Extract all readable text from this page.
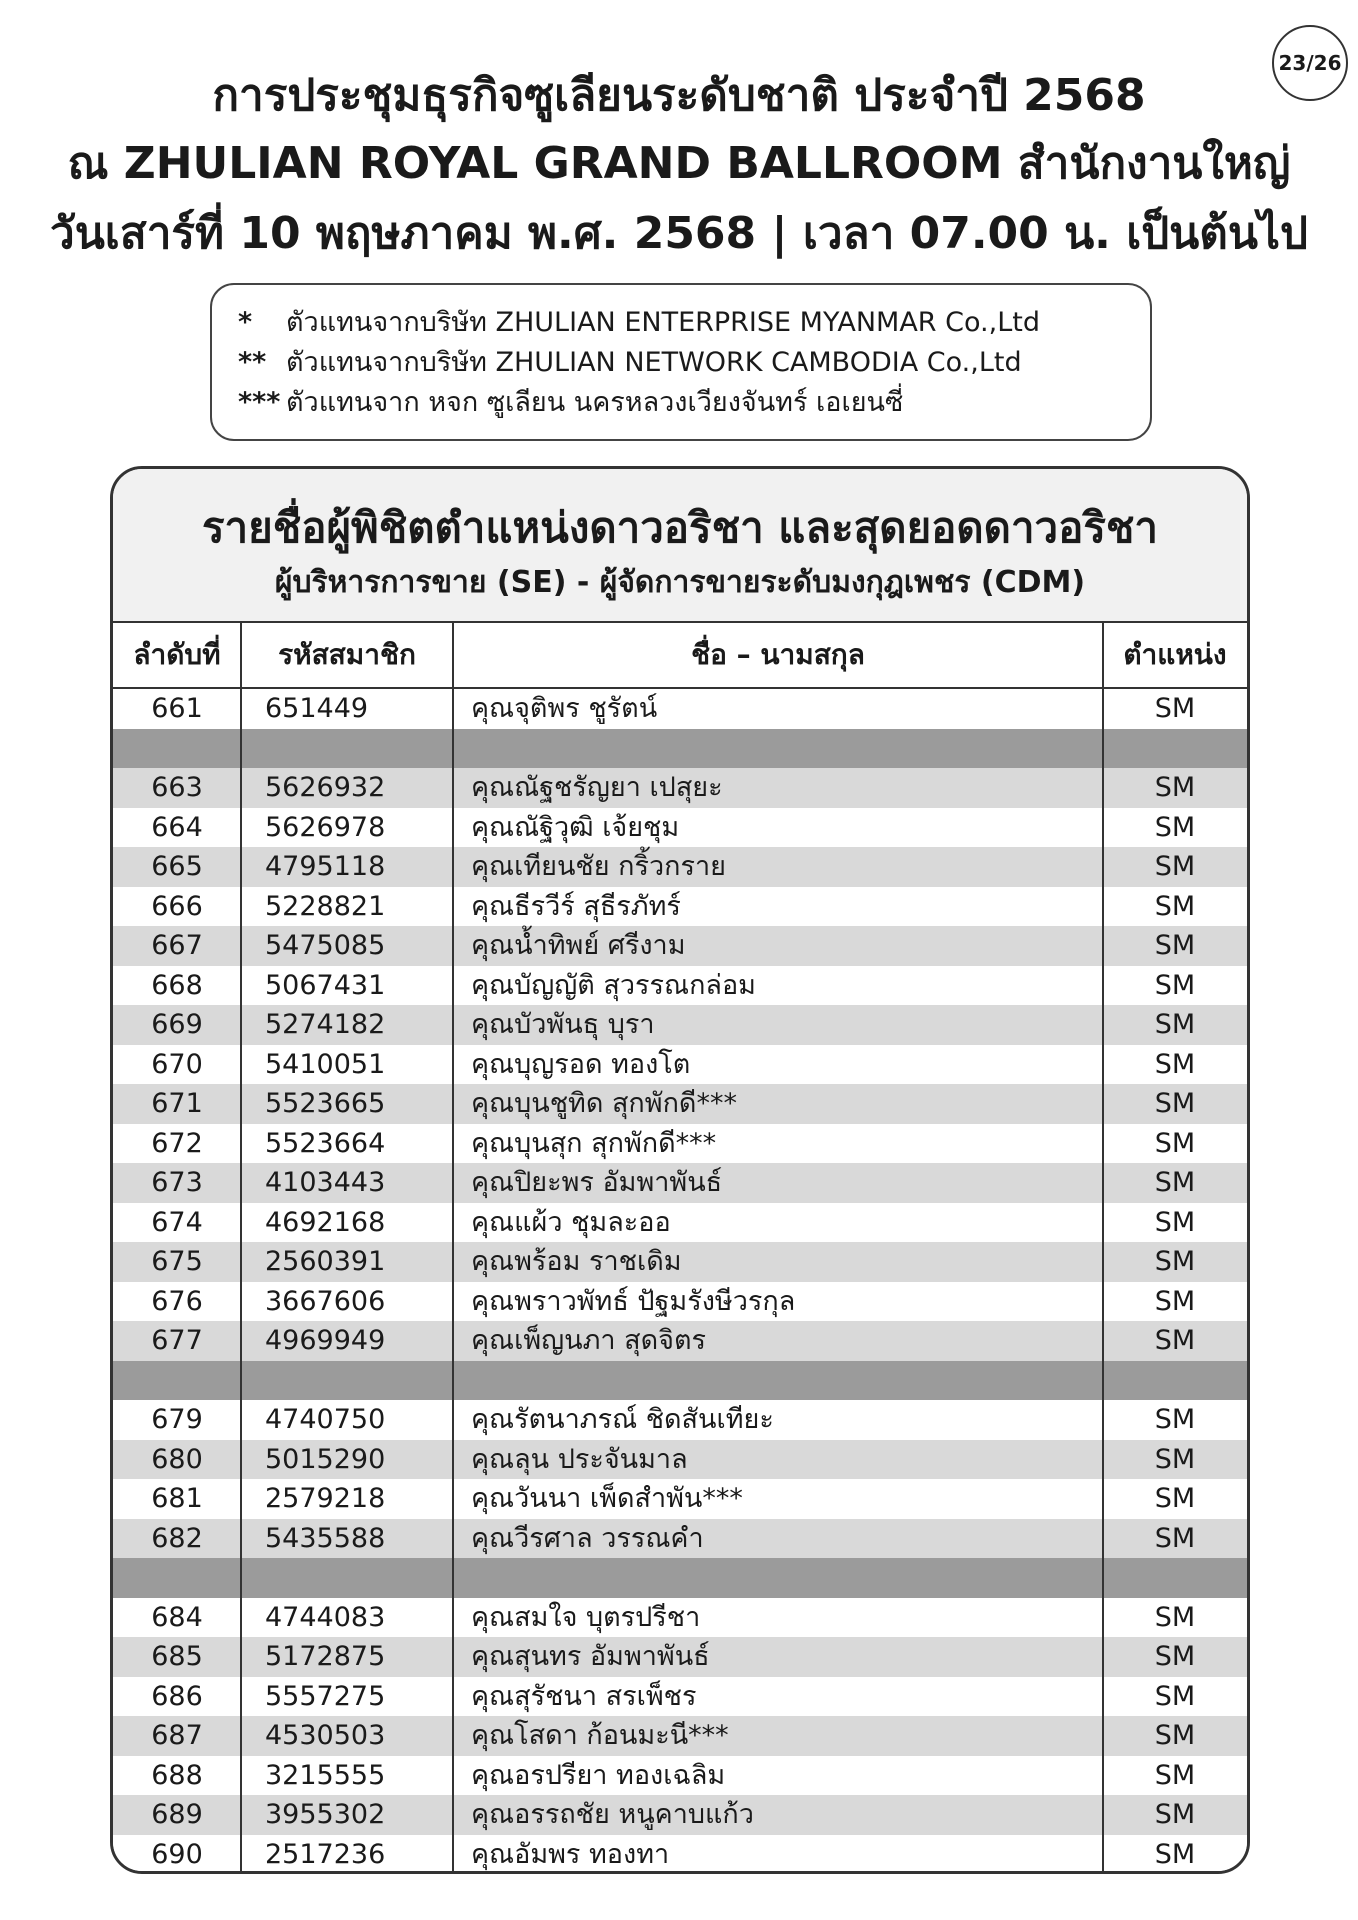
23/26
การประชุมธุรกิจซูเลียนระดับชาติ ประจำปี 2568
ณ ZHULIAN ROYAL GRAND BALLROOM สำนักงานใหญ่
วันเสาร์ที่ 10 พฤษภาคม พ.ศ. 2568 | เวลา 07.00 น. เป็นต้นไป
*	ตัวแทนจากบริษัท ZHULIAN ENTERPRISE MYANMAR Co.,Ltd
** ตัวแทนจากบริษัท ZHULIAN NETWORK CAMBODIA Co.,Ltd
*** ตัวแทนจาก หจก ซูเลียน นครหลวงเวียงจันทร์ เอเยนซี่
รายชื่อผู้พิชิตตำแหน่งดาวอริชา และสุดยอดดาวอริชา
ผู้บริหารการขาย (SE) - ผู้จัดการขายระดับมงกุฎเพชร (CDM)
ลำดับที่	รหัสสมาชิก	ชื่อ – นามสกุล	ตำแหน่ง
661	651449	คุณจุติพร ชูรัตน์	SM
663	5626932	คุณณัฐชรัญยา เปสุยะ	SM
664	5626978	คุณณัฐิวุฒิ เจ้ยชุม	SM
665	4795118	คุณเทียนชัย กริ้วกราย	SM
666	5228821	คุณธีรวีร์ สุธีรภัทร์	SM
667	5475085	คุณน้ำทิพย์ ศรีงาม	SM
668	5067431	คุณบัญญัติ สุวรรณกล่อม	SM
669	5274182	คุณบัวพันธุ บุรา	SM
670	5410051	คุณบุญรอด ทองโต	SM
671	5523665	คุณบุนชูทิด สุกพักดี***	SM
672	5523664	คุณบุนสุก สุกพักดี***	SM
673	4103443	คุณปิยะพร อัมพาพันธ์	SM
674	4692168	คุณแผ้ว ชุมละออ	SM
675	2560391	คุณพร้อม ราชเดิม	SM
676	3667606	คุณพราวพัทธ์ ปัฐมรังษีวรกุล	SM
677	4969949	คุณเพ็ญนภา สุดจิตร	SM
679	4740750	คุณรัตนาภรณ์ ชิดสันเทียะ	SM
680	5015290	คุณลุน ประจันมาล	SM
681	2579218	คุณวันนา เพ็ดสำพัน***	SM
682	5435588	คุณวีรศาล วรรณคำ	SM
684	4744083	คุณสมใจ บุตรปรีชา	SM
685	5172875	คุณสุนทร อัมพาพันธ์	SM
686	5557275	คุณสุรัชนา สรเพ็ชร	SM
687	4530503	คุณโสดา ก้อนมะนี***	SM
688	3215555	คุณอรปรียา ทองเฉลิม	SM
689	3955302	คุณอรรถชัย หนูคาบแก้ว	SM
690	2517236	คุณอัมพร ทองทา	SM
